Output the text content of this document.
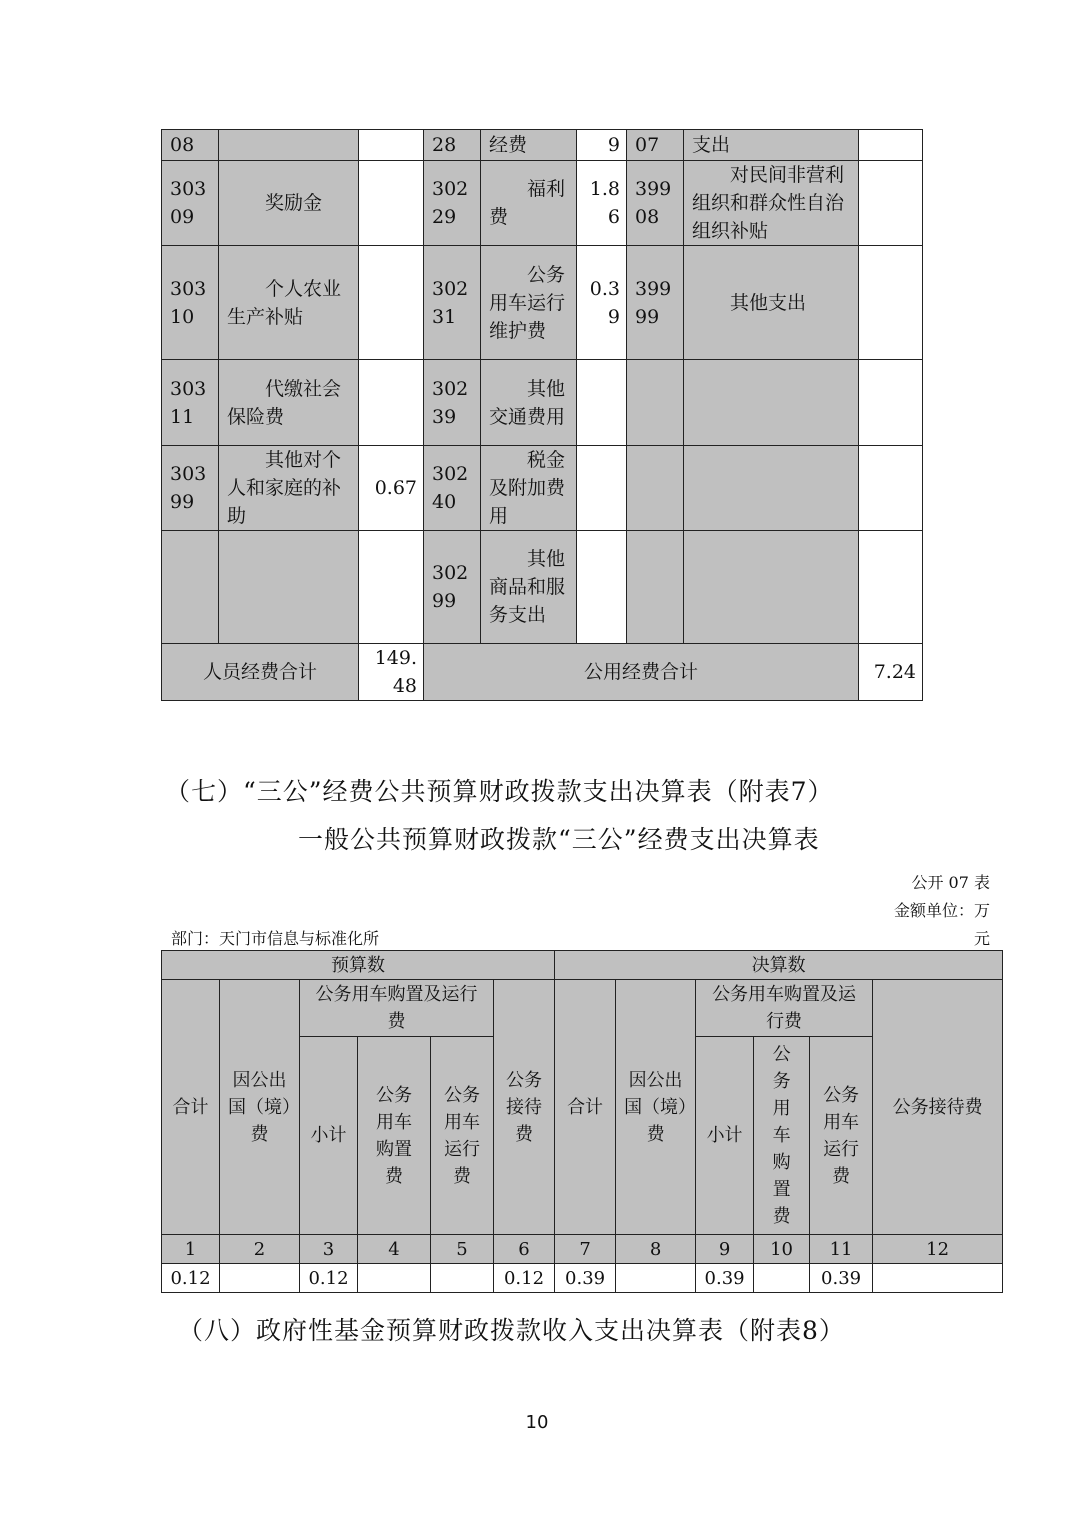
08			28	经费	9	07	支出	
303 09	奖励金		302 29	福利费	1.8 6	399 08	对民间非营利组织和群众性自治组织补贴	
303 10	个人农业生产补贴		302 31	公务用车运行维护费	0.3 9	399 99	其他支出	
303 11	代缴社会保险费		302 39	其他交通费用				
303 99	其他对个人和家庭的补助	0.67	302 40	税金及附加费用				
			302 99	其他商品和服务支出				
人员经费合计		149. 48	公用经费合计					7.24
（七）“三公”经费公共预算财政拨款支出决算表（附表7）
一般公共预算财政拨款“三公”经费支出决算表
公开 07 表
金额单位：万
元
部门：天门市信息与标准化所
预算数						决算数					
合计	因公出国（境）费	公务用车购置及运行费			公务接待费	合计	因公出国（境）费	公务用车购置及运行费			公务接待费
		小计	公务用车购置费	公务用车运行费				小计	公务用车购置费	公务用车运行费	
1	2	3	4	5	6	7	8	9	10	11	12
0.12		0.12			0.12	0.39		0.39		0.39	
（八）政府性基金预算财政拨款收入支出决算表（附表8）
10
